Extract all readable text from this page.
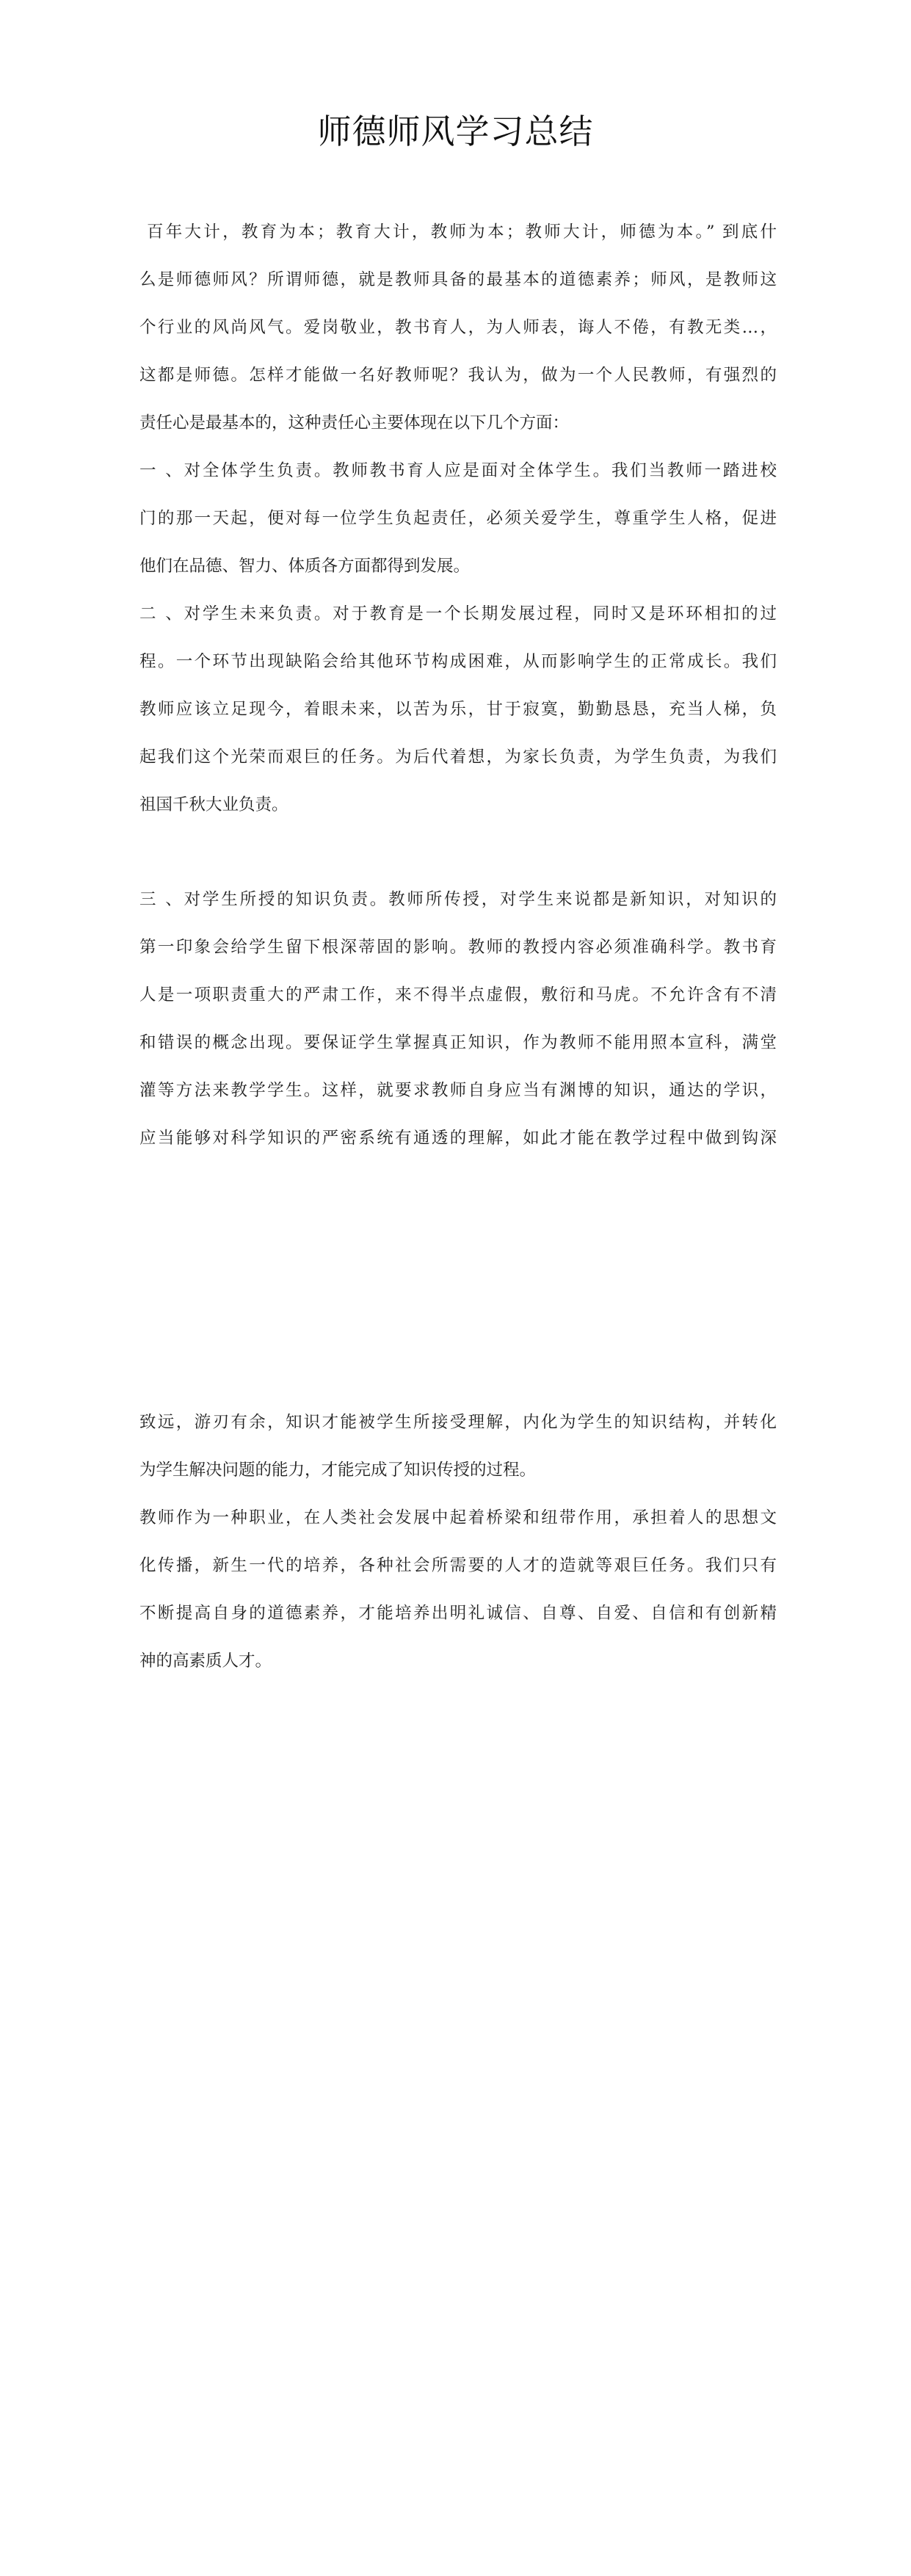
师德师风学习总结
百年大计，教育为本；教育大计，教师为本；教师大计，师德为本。” 到底什
么是师德师风？所谓师德，就是教师具备的最基本的道德素养；师风，是教师这
个行业的风尚风气。爱岗敬业，教书育人，为人师表，诲人不倦，有教无类…，
这都是师德。怎样才能做一名好教师呢？我认为，做为一个人民教师，有强烈的
责任心是最基本的，这种责任心主要体现在以下几个方面：
一 、对全体学生负责。教师教书育人应是面对全体学生。我们当教师一踏进校
门的那一天起，便对每一位学生负起责任，必须关爱学生，尊重学生人格，促进
他们在品德、智力、体质各方面都得到发展。
二 、对学生未来负责。对于教育是一个长期发展过程，同时又是环环相扣的过
程。一个环节出现缺陷会给其他环节构成困难，从而影响学生的正常成长。我们
教师应该立足现今，着眼未来，以苦为乐，甘于寂寞，勤勤恳恳，充当人梯，负
起我们这个光荣而艰巨的任务。为后代着想，为家长负责，为学生负责，为我们
祖国千秋大业负责。
三 、对学生所授的知识负责。教师所传授，对学生来说都是新知识，对知识的
第一印象会给学生留下根深蒂固的影响。教师的教授内容必须准确科学。教书育
人是一项职责重大的严肃工作，来不得半点虚假，敷衍和马虎。不允许含有不清
和错误的概念出现。要保证学生掌握真正知识，作为教师不能用照本宣科，满堂
灌等方法来教学学生。这样，就要求教师自身应当有渊博的知识，通达的学识，
应当能够对科学知识的严密系统有通透的理解，如此才能在教学过程中做到钩深
致远，游刃有余，知识才能被学生所接受理解，内化为学生的知识结构，并转化
为学生解决问题的能力，才能完成了知识传授的过程。
教师作为一种职业，在人类社会发展中起着桥梁和纽带作用，承担着人的思想文
化传播，新生一代的培养，各种社会所需要的人才的造就等艰巨任务。我们只有
不断提高自身的道德素养，才能培养出明礼诚信、自尊、自爱、自信和有创新精
神的高素质人才。
